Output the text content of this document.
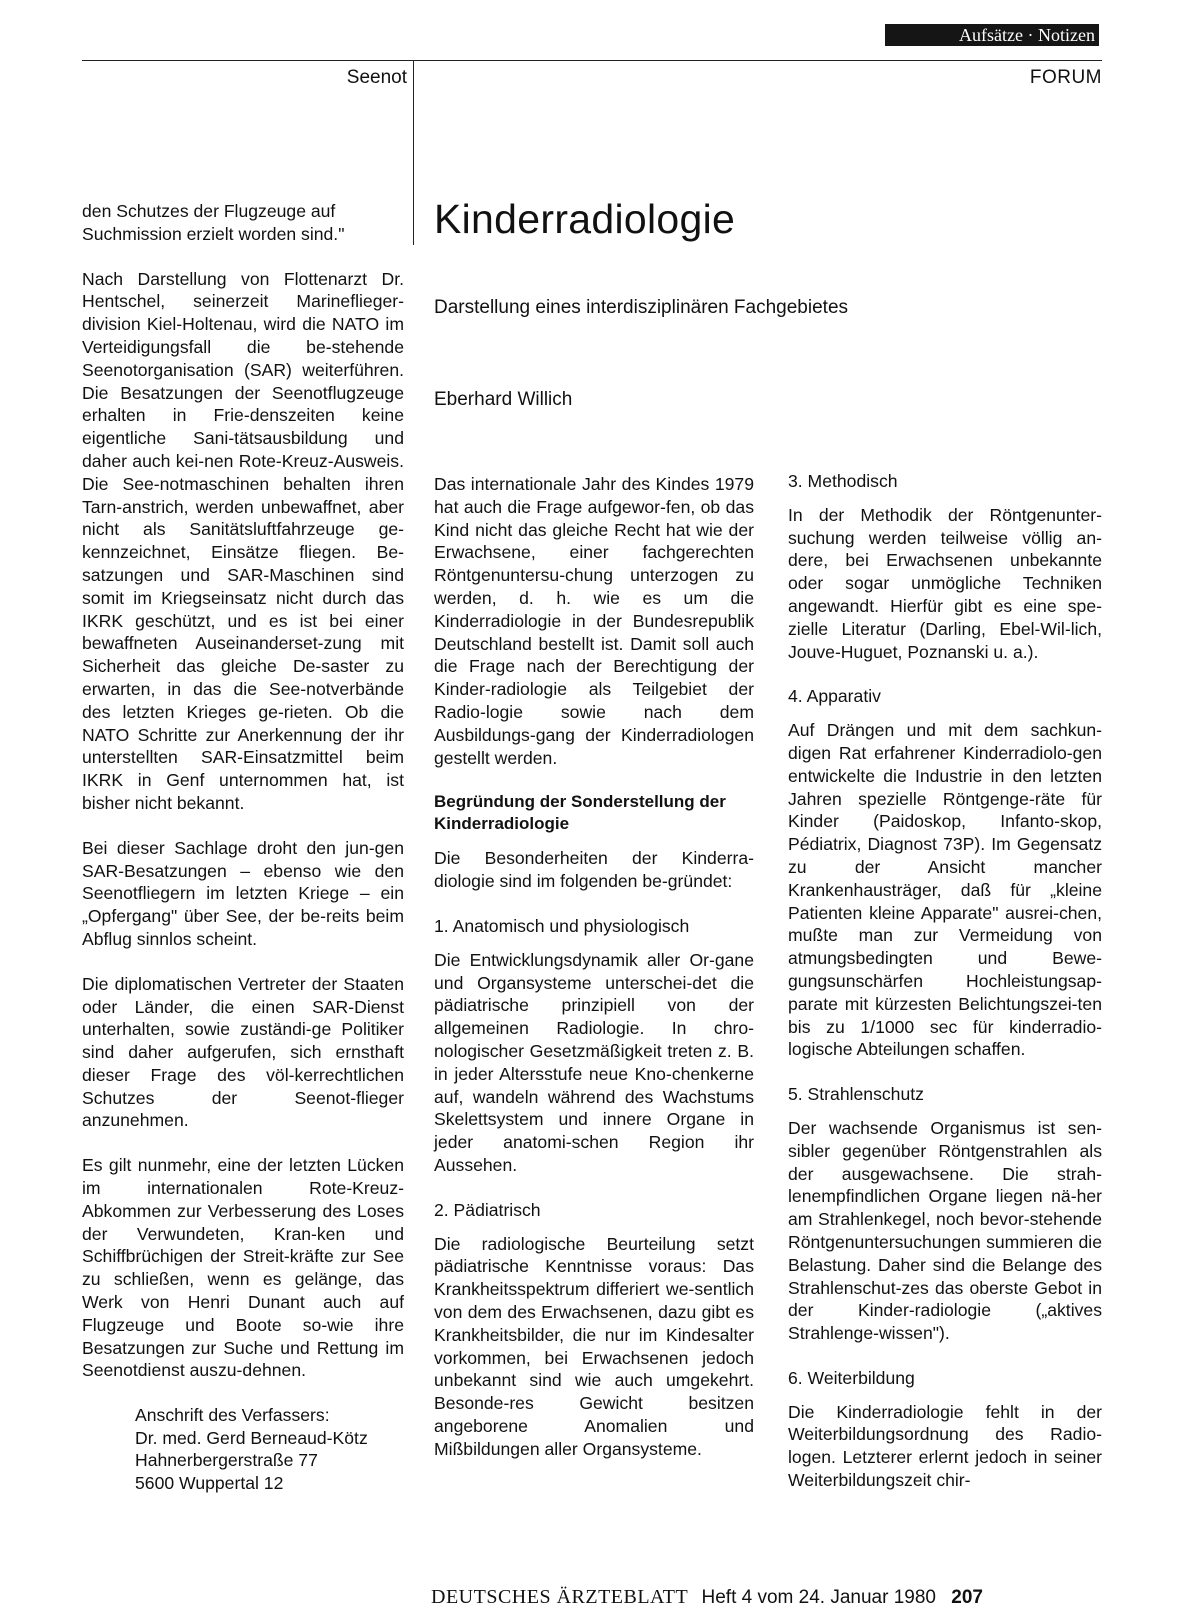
Aufsätze · Notizen
Seenot	FORUM

den Schutzes der Flugzeuge auf Suchmission erzielt worden sind."

Nach Darstellung von Flottenarzt Dr. Hentschel, seinerzeit Marineflieger-division Kiel-Holtenau, wird die NATO im Verteidigungsfall die be-stehende Seenotorganisation (SAR) weiterführen. Die Besatzungen der Seenotflugzeuge erhalten in Frie-denszeiten keine eigentliche Sani-tätsausbildung und daher auch kei-nen Rote-Kreuz-Ausweis. Die See-notmaschinen behalten ihren Tarn-anstrich, werden unbewaffnet, aber nicht als Sanitätsluftfahrzeuge ge-kennzeichnet, Einsätze fliegen. Be-satzungen und SAR-Maschinen sind somit im Kriegseinsatz nicht durch das IKRK geschützt, und es ist bei einer bewaffneten Auseinanderset-zung mit Sicherheit das gleiche De-saster zu erwarten, in das die See-notverbände des letzten Krieges ge-rieten. Ob die NATO Schritte zur Anerkennung der ihr unterstellten SAR-Einsatzmittel beim IKRK in Genf unternommen hat, ist bisher nicht bekannt.

Bei dieser Sachlage droht den jun-gen SAR-Besatzungen – ebenso wie den Seenotfliegern im letzten Kriege – ein „Opfergang" über See, der be-reits beim Abflug sinnlos scheint.

Die diplomatischen Vertreter der Staaten oder Länder, die einen SAR-Dienst unterhalten, sowie zuständi-ge Politiker sind daher aufgerufen, sich ernsthaft dieser Frage des völ-kerrechtlichen Schutzes der Seenot-flieger anzunehmen.

Es gilt nunmehr, eine der letzten Lücken im internationalen Rote-Kreuz-Abkommen zur Verbesserung des Loses der Verwundeten, Kran-ken und Schiffbrüchigen der Streit-kräfte zur See zu schließen, wenn es gelänge, das Werk von Henri Dunant auch auf Flugzeuge und Boote so-wie ihre Besatzungen zur Suche und Rettung im Seenotdienst auszu-dehnen.

Anschrift des Verfassers:
Dr. med. Gerd Berneaud-Kötz
Hahnerbergerstraße 77
5600 Wuppertal 12
Kinderradiologie
Darstellung eines interdisziplinären Fachgebietes
Eberhard Willich

Das internationale Jahr des Kindes 1979 hat auch die Frage aufgewor-fen, ob das Kind nicht das gleiche Recht hat wie der Erwachsene, einer fachgerechten Röntgenuntersu-chung unterzogen zu werden, d. h. wie es um die Kinderradiologie in der Bundesrepublik Deutschland bestellt ist. Damit soll auch die Frage nach der Berechtigung der Kinder-radiologie als Teilgebiet der Radio-logie sowie nach dem Ausbildungs-gang der Kinderradiologen gestellt werden.

Begründung der Sonderstellung der Kinderradiologie

Die Besonderheiten der Kinderra-diologie sind im folgenden be-gründet:

1. Anatomisch und physiologisch

Die Entwicklungsdynamik aller Or-gane und Organsysteme unterschei-det die pädiatrische prinzipiell von der allgemeinen Radiologie. In chro-nologischer Gesetzmäßigkeit treten z. B. in jeder Altersstufe neue Kno-chenkerne auf, wandeln während des Wachstums Skelettsystem und innere Organe in jeder anatomi-schen Region ihr Aussehen.

2. Pädiatrisch

Die radiologische Beurteilung setzt pädiatrische Kenntnisse voraus: Das Krankheitsspektrum differiert we-sentlich von dem des Erwachsenen, dazu gibt es Krankheitsbilder, die nur im Kindesalter vorkommen, bei Erwachsenen jedoch unbekannt sind wie auch umgekehrt. Besonde-res Gewicht besitzen angeborene Anomalien und Mißbildungen aller Organsysteme.

3. Methodisch

In der Methodik der Röntgenunter-suchung werden teilweise völlig an-dere, bei Erwachsenen unbekannte oder sogar unmögliche Techniken angewandt. Hierfür gibt es eine spe-zielle Literatur (Darling, Ebel-Wil-lich, Jouve-Huguet, Poznanski u. a.).

4. Apparativ

Auf Drängen und mit dem sachkun-digen Rat erfahrener Kinderradiolo-gen entwickelte die Industrie in den letzten Jahren spezielle Röntgenge-räte für Kinder (Paidoskop, Infanto-skop, Pédiatrix, Diagnost 73P). Im Gegensatz zu der Ansicht mancher Krankenhausträger, daß für „kleine Patienten kleine Apparate" ausrei-chen, mußte man zur Vermeidung von atmungsbedingten und Bewe-gungsunschärfen Hochleistungsap-parate mit kürzesten Belichtungszei-ten bis zu 1/1000 sec für kinderradio-logische Abteilungen schaffen.

5. Strahlenschutz

Der wachsende Organismus ist sen-sibler gegenüber Röntgenstrahlen als der ausgewachsene. Die strah-lenempfindlichen Organe liegen nä-her am Strahlenkegel, noch bevor-stehende Röntgenuntersuchungen summieren die Belastung. Daher sind die Belange des Strahlenschut-zes das oberste Gebot in der Kinder-radiologie („aktives Strahlenge-wissen").

6. Weiterbildung

Die Kinderradiologie fehlt in der Weiterbildungsordnung des Radio-logen. Letzterer erlernt jedoch in seiner Weiterbildungszeit chir-

DEUTSCHES ÄRZTEBLATT Heft 4 vom 24. Januar 1980 207
